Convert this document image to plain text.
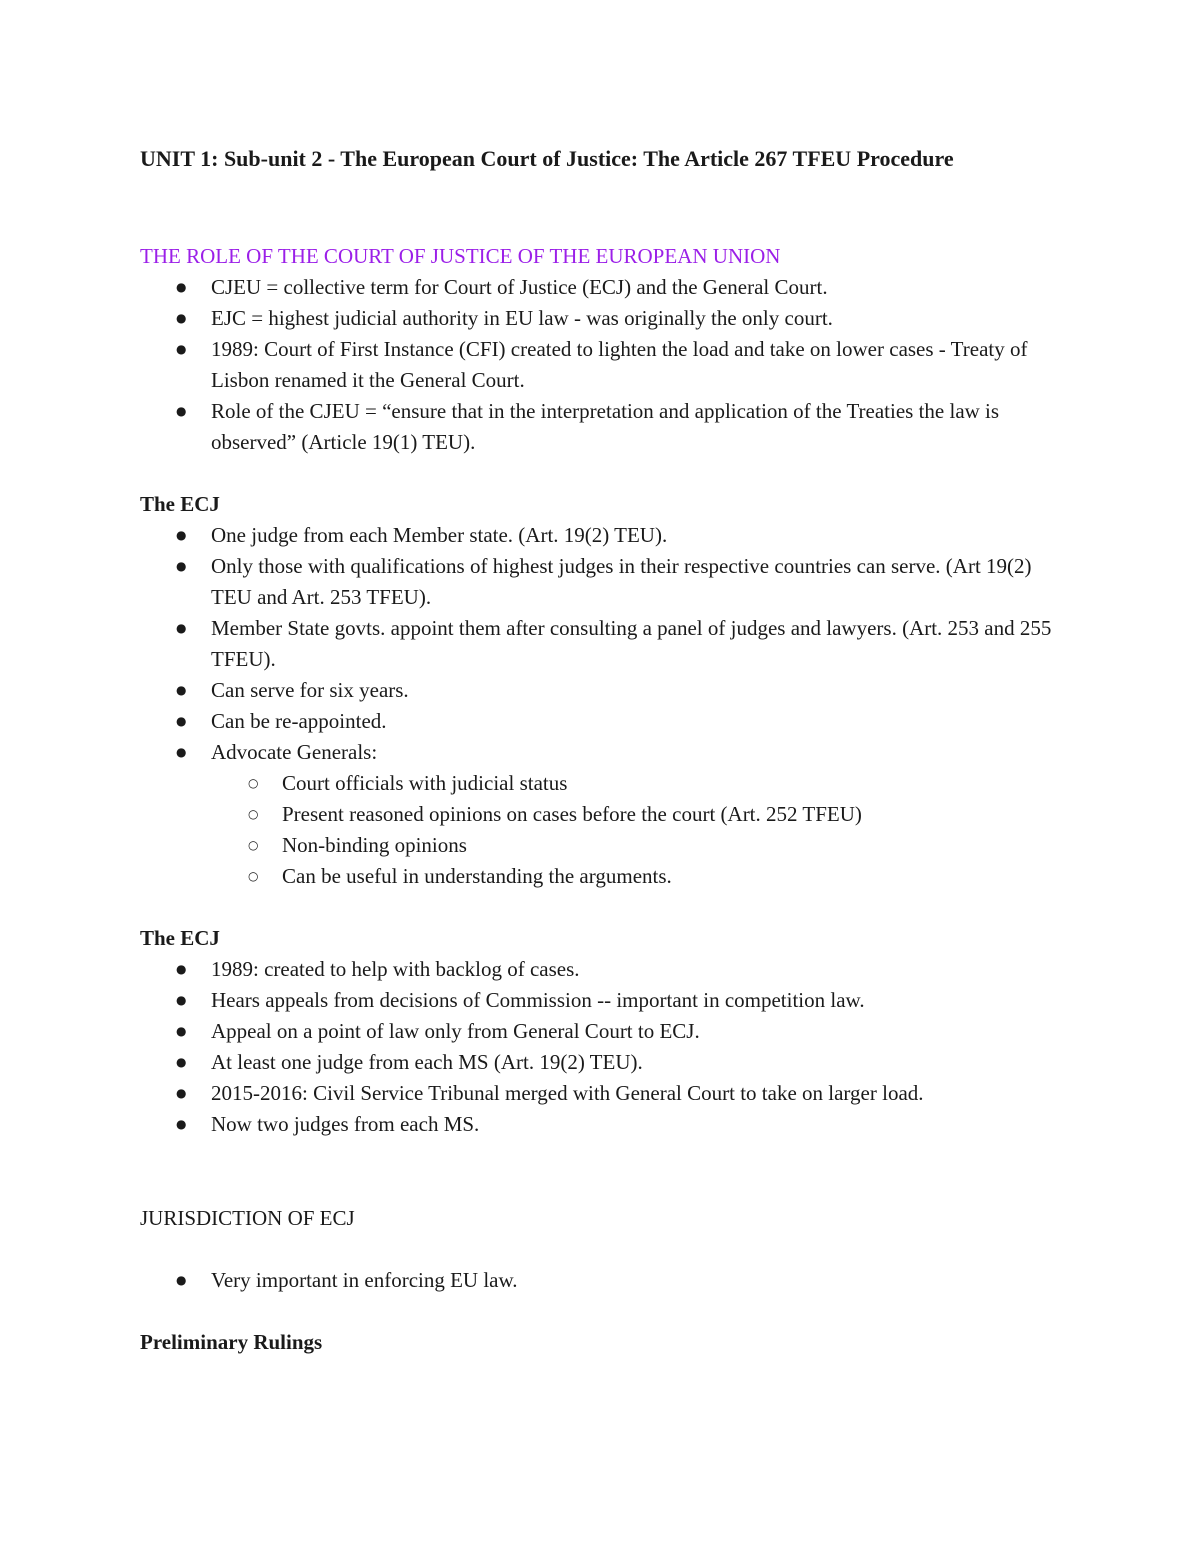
UNIT 1: Sub-unit 2 - The European Court of Justice: The Article 267 TFEU Procedure

THE ROLE OF THE COURT OF JUSTICE OF THE EUROPEAN UNION

● CJEU = collective term for Court of Justice (ECJ) and the General Court.
● EJC = highest judicial authority in EU law - was originally the only court.
● 1989: Court of First Instance (CFI) created to lighten the load and take on lower cases - Treaty of Lisbon renamed it the General Court.
● Role of the CJEU = “ensure that in the interpretation and application of the Treaties the law is observed” (Article 19(1) TEU).

The ECJ

● One judge from each Member state. (Art. 19(2) TEU).
● Only those with qualifications of highest judges in their respective countries can serve. (Art 19(2) TEU and Art. 253 TFEU).
● Member State govts. appoint them after consulting a panel of judges and lawyers. (Art. 253 and 255 TFEU).
● Can serve for six years.
● Can be re-appointed.
● Advocate Generals:
○ Court officials with judicial status
○ Present reasoned opinions on cases before the court (Art. 252 TFEU)
○ Non-binding opinions
○ Can be useful in understanding the arguments.

The ECJ

● 1989: created to help with backlog of cases.
● Hears appeals from decisions of Commission -- important in competition law.
● Appeal on a point of law only from General Court to ECJ.
● At least one judge from each MS (Art. 19(2) TEU).
● 2015-2016: Civil Service Tribunal merged with General Court to take on larger load.
● Now two judges from each MS.

JURISDICTION OF ECJ

● Very important in enforcing EU law.

Preliminary Rulings
